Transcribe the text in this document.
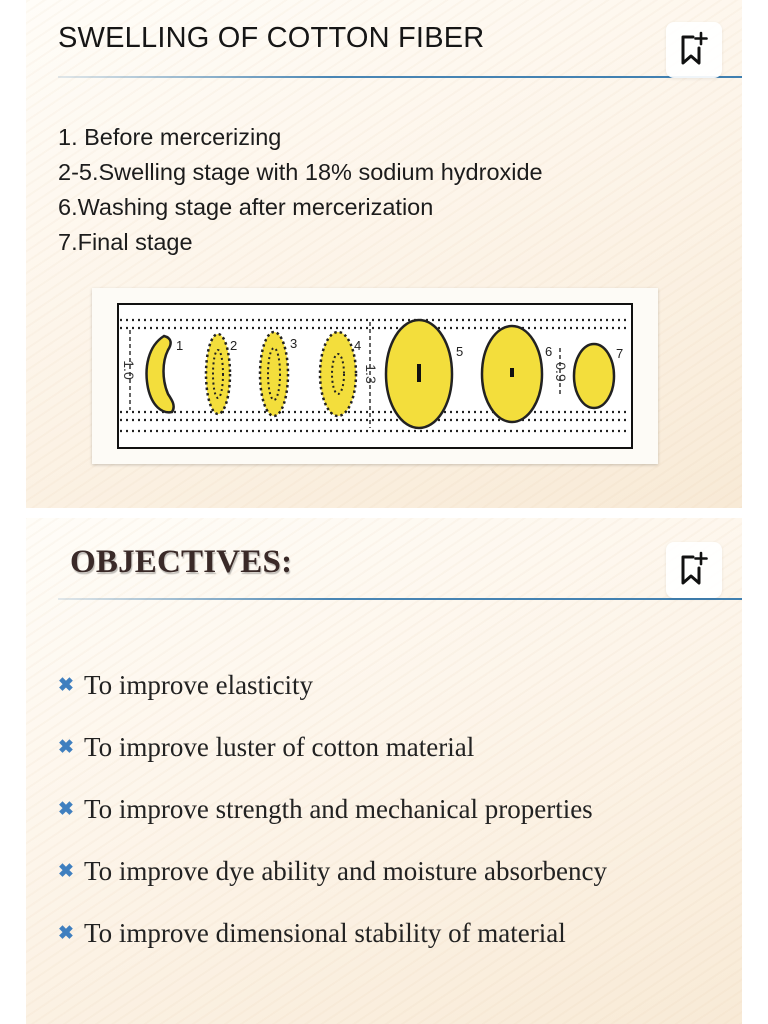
SWELLING OF COTTON FIBER
1. Before mercerizing
2-5.Swelling stage with 18% sodium hydroxide
6.Washing stage after mercerization
7.Final stage
1.0	1.3	0.9
1	2	3	4	5	6	7
OBJECTIVES:
✖ To improve elasticity
✖ To improve luster of cotton material
✖ To improve strength and mechanical properties
✖ To improve dye ability and moisture absorbency
✖ To improve dimensional stability of material
